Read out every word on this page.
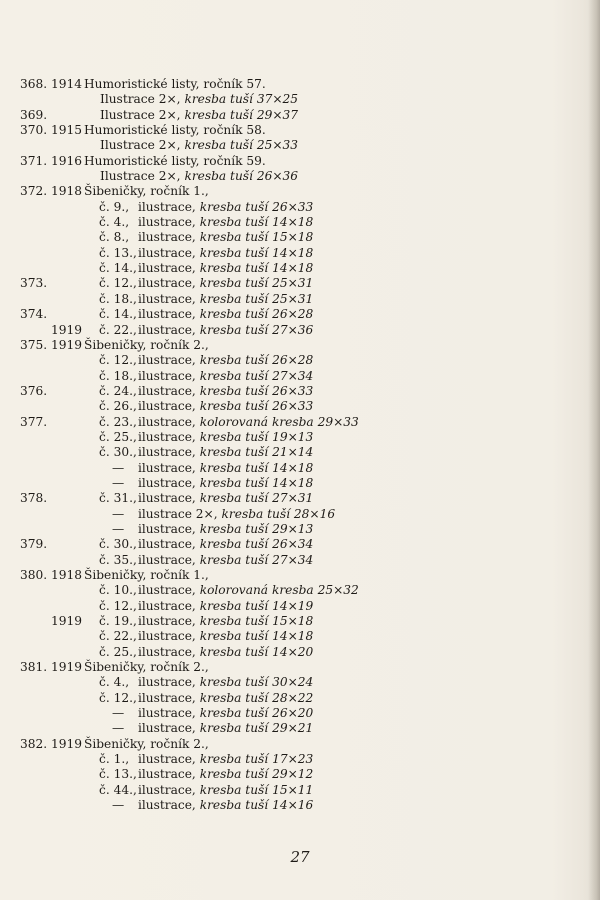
368. 1914 Humoristické listy, ročník 57.
Ilustrace 2×, kresba tuší 37×25
369.	Ilustrace 2×, kresba tuší 29×37
370. 1915 Humoristické listy, ročník 58.
Ilustrace 2×, kresba tuší 25×33
371. 1916 Humoristické listy, ročník 59.
Ilustrace 2×, kresba tuší 26×36
372. 1918 Šibeničky, ročník 1.,
č. 9., ilustrace, kresba tuší 26×33
č. 4., ilustrace, kresba tuší 14×18
č. 8., ilustrace, kresba tuší 15×18
č. 13., ilustrace, kresba tuší 14×18
č. 14., ilustrace, kresba tuší 14×18
373.	č. 12., ilustrace, kresba tuší 25×31
č. 18., ilustrace, kresba tuší 25×31
374.	č. 14., ilustrace, kresba tuší 26×28
1919 č. 22., ilustrace, kresba tuší 27×36
375. 1919 Šibeničky, ročník 2.,
č. 12., ilustrace, kresba tuší 26×28
č. 18., ilustrace, kresba tuší 27×34
376.	č. 24., ilustrace, kresba tuší 26×33
č. 26., ilustrace, kresba tuší 26×33
377.	č. 23., ilustrace, kolorovaná kresba 29×33
č. 25., ilustrace, kresba tuší 19×13
č. 30., ilustrace, kresba tuší 21×14
— ilustrace, kresba tuší 14×18
— ilustrace, kresba tuší 14×18
378.	č. 31., ilustrace, kresba tuší 27×31
— ilustrace 2×, kresba tuší 28×16
— ilustrace, kresba tuší 29×13
379.	č. 30., ilustrace, kresba tuší 26×34
č. 35., ilustrace, kresba tuší 27×34
380. 1918 Šibeničky, ročník 1.,
č. 10., ilustrace, kolorovaná kresba 25×32
č. 12., ilustrace, kresba tuší 14×19
1919 č. 19., ilustrace, kresba tuší 15×18
č. 22., ilustrace, kresba tuší 14×18
č. 25., ilustrace, kresba tuší 14×20
381. 1919 Šibeničky, ročník 2.,
č. 4., ilustrace, kresba tuší 30×24
č. 12., ilustrace, kresba tuší 28×22
— ilustrace, kresba tuší 26×20
— ilustrace, kresba tuší 29×21
382. 1919 Šibeničky, ročník 2.,
č. 1., ilustrace, kresba tuší 17×23
č. 13., ilustrace, kresba tuší 29×12
č. 44., ilustrace, kresba tuší 15×11
— ilustrace, kresba tuší 14×16
27
